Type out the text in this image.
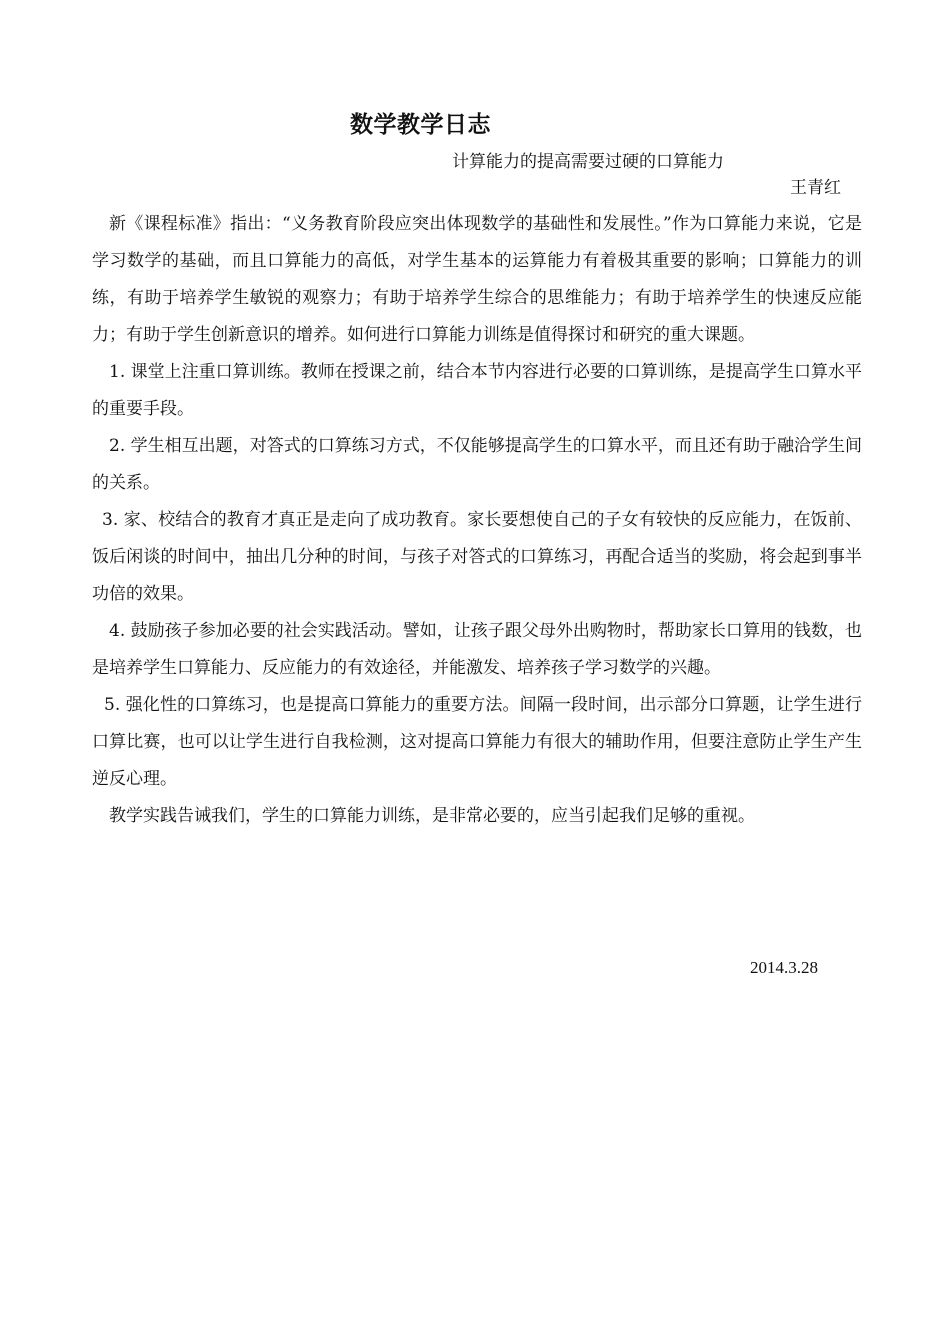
数学教学日志
计算能力的提高需要过硬的口算能力
王青红

新《课程标准》指出：“义务教育阶段应突出体现数学的基础性和发展性。”作为口算能力来说，它是学习数学的基础，而且口算能力的高低，对学生基本的运算能力有着极其重要的影响；口算能力的训练，有助于培养学生敏锐的观察力；有助于培养学生综合的思维能力；有助于培养学生的快速反应能力；有助于学生创新意识的增养。如何进行口算能力训练是值得探讨和研究的重大课题。

1. 课堂上注重口算训练。教师在授课之前，结合本节内容进行必要的口算训练，是提高学生口算水平的重要手段。

2. 学生相互出题，对答式的口算练习方式，不仅能够提高学生的口算水平，而且还有助于融洽学生间的关系。

3. 家、校结合的教育才真正是走向了成功教育。家长要想使自己的子女有较快的反应能力，在饭前、饭后闲谈的时间中，抽出几分种的时间，与孩子对答式的口算练习，再配合适当的奖励，将会起到事半功倍的效果。

4. 鼓励孩子参加必要的社会实践活动。譬如，让孩子跟父母外出购物时，帮助家长口算用的钱数，也是培养学生口算能力、反应能力的有效途径，并能激发、培养孩子学习数学的兴趣。

5. 强化性的口算练习，也是提高口算能力的重要方法。间隔一段时间，出示部分口算题，让学生进行口算比赛，也可以让学生进行自我检测，这对提高口算能力有很大的辅助作用，但要注意防止学生产生逆反心理。

教学实践告诫我们，学生的口算能力训练，是非常必要的，应当引起我们足够的重视。

2014.3.28
